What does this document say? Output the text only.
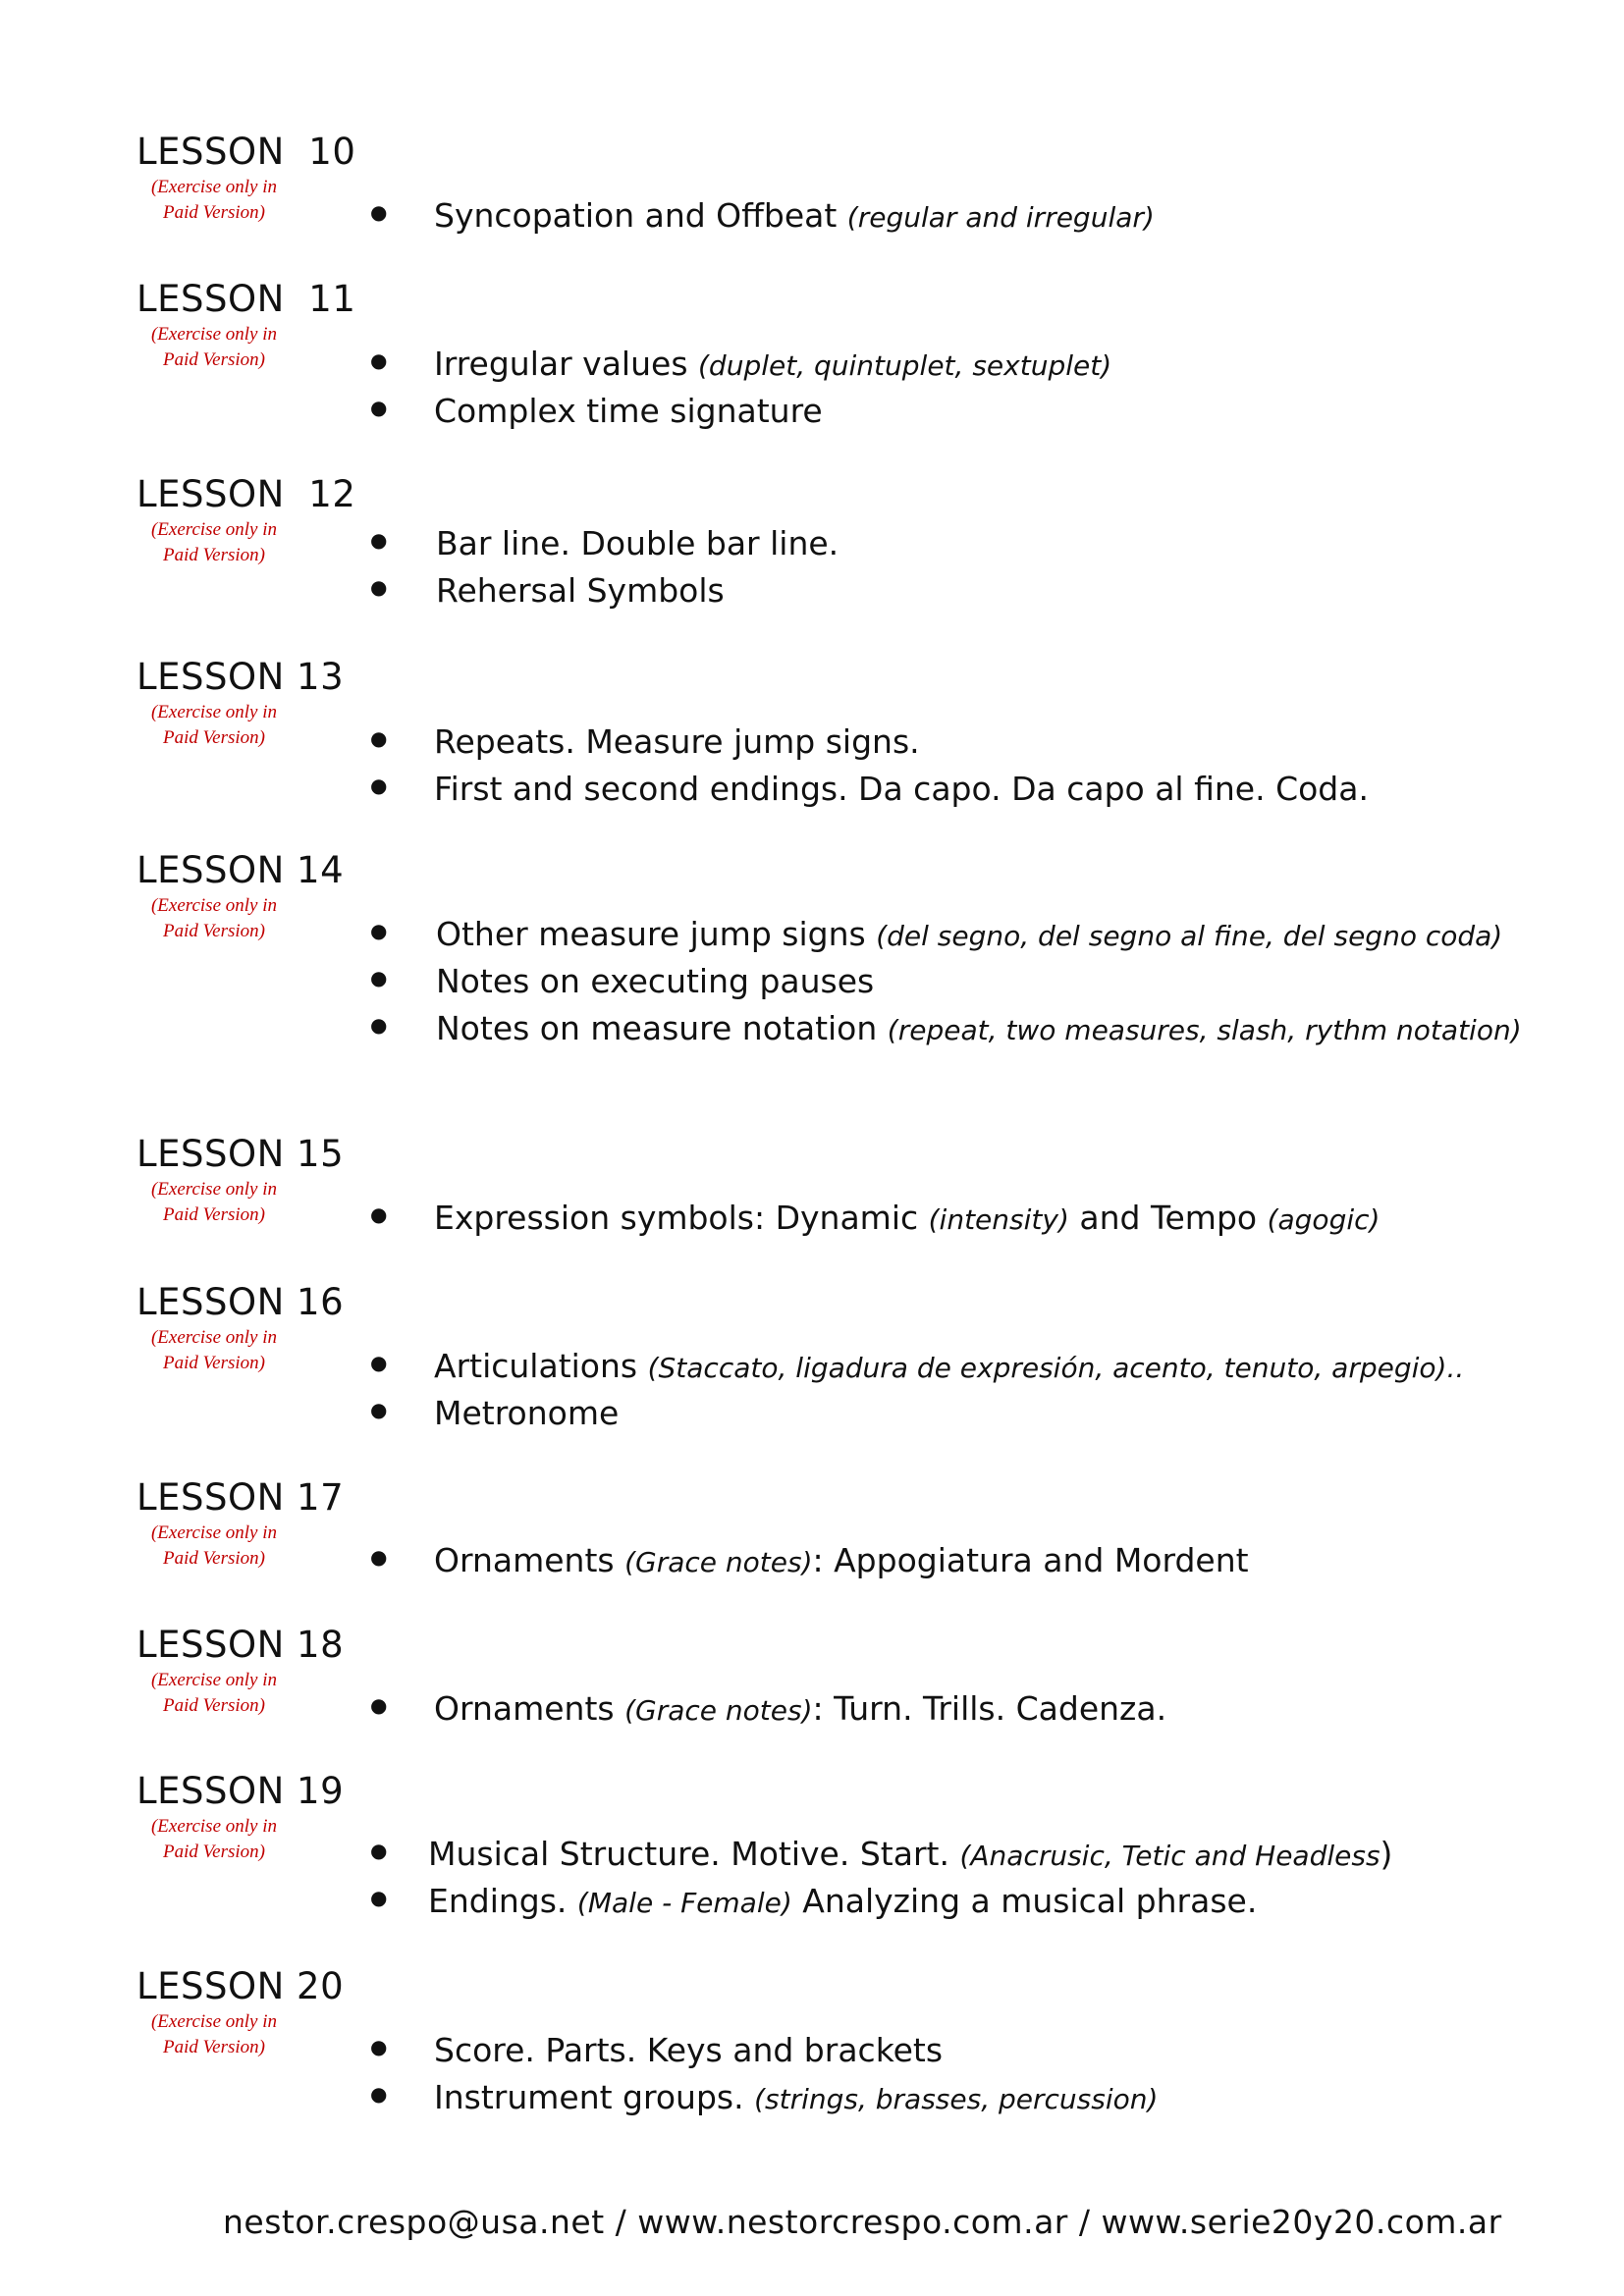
LESSON  10
(Exercise only in
Paid Version)	● Syncopation and Offbeat (regular and irregular)
LESSON  11
(Exercise only in
Paid Version)	● Irregular values (duplet, quintuplet, sextuplet)
● Complex time signature
LESSON  12
(Exercise only in
Paid Version)
● Bar line. Double bar line.
● Rehersal Symbols
LESSON 13
(Exercise only in
Paid Version)	● Repeats. Measure jump signs.
● First and second endings. Da capo. Da capo al fine. Coda.
LESSON 14
(Exercise only in
Paid Version)	● Other measure jump signs (del segno, del segno al fine, del segno coda)
● Notes on executing pauses
● Notes on measure notation (repeat, two measures, slash, rythm notation)
LESSON 15
(Exercise only in
Paid Version)	● Expression symbols: Dynamic (intensity) and Tempo (agogic)
LESSON 16
(Exercise only in
Paid Version)	● Articulations (Staccato, ligadura de expresión, acento, tenuto, arpegio)..
● Metronome
LESSON 17
(Exercise only in
Paid Version)	● Ornaments (Grace notes): Appogiatura and Mordent
LESSON 18
(Exercise only in
Paid Version)	● Ornaments (Grace notes): Turn. Trills. Cadenza.
LESSON 19
(Exercise only in
Paid Version)	● Musical Structure. Motive. Start. (Anacrusic, Tetic and Headless)
● Endings. (Male - Female) Analyzing a musical phrase.
LESSON 20
(Exercise only in
Paid Version)	● Score. Parts. Keys and brackets
● Instrument groups. (strings, brasses, percussion)
nestor.crespo@usa.net / www.nestorcrespo.com.ar / www.serie20y20.com.ar
